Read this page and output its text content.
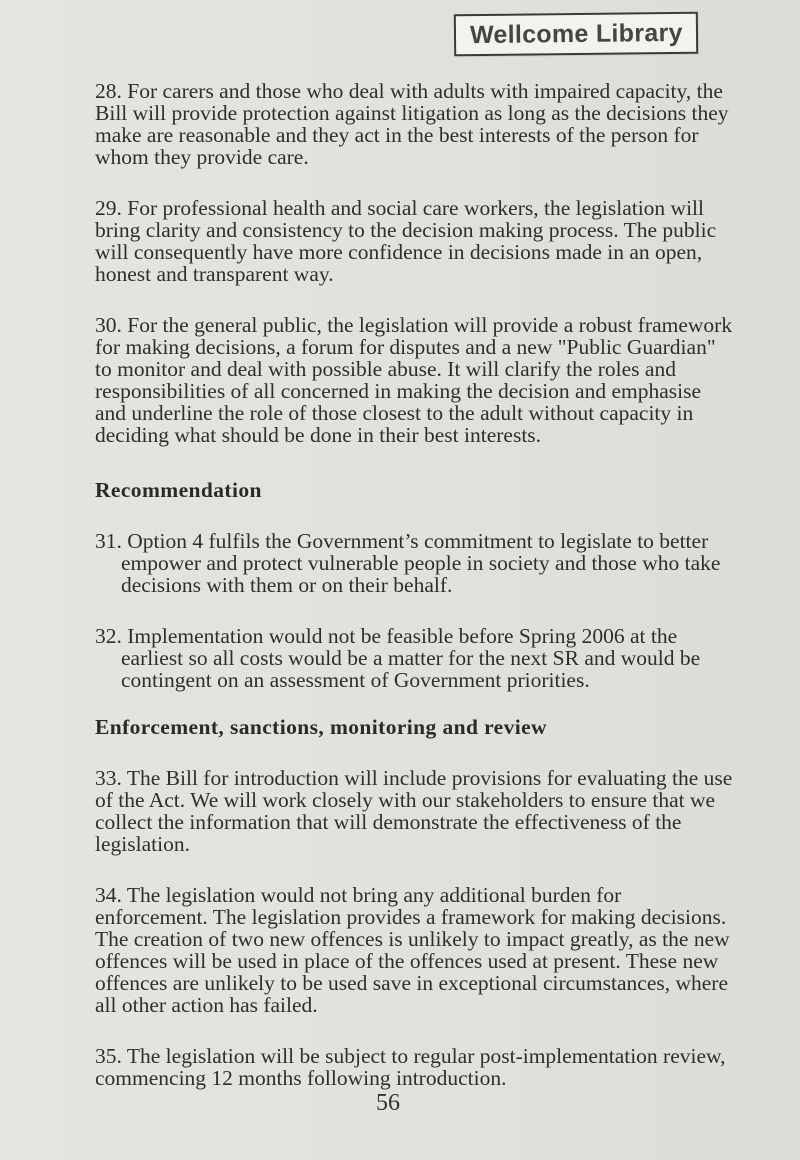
Wellcome Library

28. For carers and those who deal with adults with impaired capacity, the Bill will provide protection against litigation as long as the decisions they make are reasonable and they act in the best interests of the person for whom they provide care.

29. For professional health and social care workers, the legislation will bring clarity and consistency to the decision making process. The public will consequently have more confidence in decisions made in an open, honest and transparent way.

30. For the general public, the legislation will provide a robust framework for making decisions, a forum for disputes and a new "Public Guardian" to monitor and deal with possible abuse. It will clarify the roles and responsibilities of all concerned in making the decision and emphasise and underline the role of those closest to the adult without capacity in deciding what should be done in their best interests.

Recommendation

31. Option 4 fulfils the Government’s commitment to legislate to better empower and protect vulnerable people in society and those who take decisions with them or on their behalf.

32. Implementation would not be feasible before Spring 2006 at the earliest so all costs would be a matter for the next SR and would be contingent on an assessment of Government priorities.

Enforcement, sanctions, monitoring and review

33. The Bill for introduction will include provisions for evaluating the use of the Act. We will work closely with our stakeholders to ensure that we collect the information that will demonstrate the effectiveness of the legislation.

34. The legislation would not bring any additional burden for enforcement. The legislation provides a framework for making decisions. The creation of two new offences is unlikely to impact greatly, as the new offences will be used in place of the offences used at present. These new offences are unlikely to be used save in exceptional circumstances, where all other action has failed.

35. The legislation will be subject to regular post-implementation review, commencing 12 months following introduction.

56
